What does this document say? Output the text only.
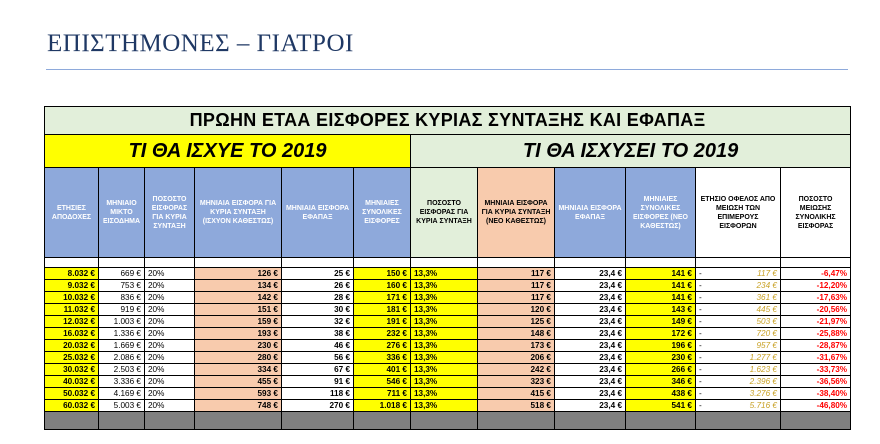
ΕΠΙΣΤΗΜΟΝΕΣ – ΓΙΑΤΡΟΙ
ΠΡΩΗΝ ΕΤΑΑ ΕΙΣΦΟΡΕΣ ΚΥΡΙΑΣ ΣΥΝΤΑΞΗΣ ΚΑΙ ΕΦΑΠΑΞ											
ΤΙ ΘΑ ΙΣΧΥΕ ΤΟ 2019						ΤΙ ΘΑ ΙΣΧΥΣΕΙ ΤΟ 2019					
ΕΤΗΣΙΕΣ ΑΠΟΔΟΧΕΣ	ΜΗΝΙΑΙΟ ΜΙΚΤΟ ΕΙΣΟΔΗΜΑ	ΠΟΣΟΣΤΟ ΕΙΣΦΟΡΑΣ ΓΙΑ ΚΥΡΙΑ ΣΥΝΤΑΞΗ	ΜΗΝΙΑΙΑ ΕΙΣΦΟΡΑ ΓΙΑ ΚΥΡΙΑ ΣΥΝΤΑΞΗ (ΙΣΧΥΟΝ ΚΑΘΕΣΤΩΣ)	ΜΗΝΙΑΙΑ ΕΙΣΦΟΡΑ ΕΦΑΠΑΞ	ΜΗΝΙΑΙΕΣ ΣΥΝΟΛΙΚΕΣ ΕΙΣΦΟΡΕΣ	ΠΟΣΟΣΤΟ ΕΙΣΦΟΡΑΣ ΓΙΑ ΚΥΡΙΑ ΣΥΝΤΑΞΗ	ΜΗΝΙΑΙΑ ΕΙΣΦΟΡΑ ΓΙΑ ΚΥΡΙΑ ΣΥΝΤΑΞΗ (ΝΕΟ ΚΑΘΕΣΤΩΣ)	ΜΗΝΙΑΙΑ ΕΙΣΦΟΡΑ ΕΦΑΠΑΞ	ΜΗΝΙΑΙΕΣ ΣΥΝΟΛΙΚΕΣ ΕΙΣΦΟΡΕΣ (ΝΕΟ ΚΑΘΕΣΤΩΣ)	ΕΤΗΣΙΟ ΟΦΕΛΟΣ ΑΠΟ ΜΕΙΩΣΗ ΤΩΝ ΕΠΙΜΕΡΟΥΣ ΕΙΣΦΟΡΩΝ	ΠΟΣΟΣΤΟ ΜΕΙΩΣΗΣ ΣΥΝΟΛΙΚΗΣ ΕΙΣΦΟΡΑΣ

8.032 €	669 €	20%	126 €	25 €	150 €	13,3%	117 €	23,4 €	141 €	- 117 €	-6,47%
9.032 €	753 €	20%	134 €	26 €	160 €	13,3%	117 €	23,4 €	141 €	- 234 €	-12,20%
10.032 €	836 €	20%	142 €	28 €	171 €	13,3%	117 €	23,4 €	141 €	- 361 €	-17,63%
11.032 €	919 €	20%	151 €	30 €	181 €	13,3%	120 €	23,4 €	143 €	- 445 €	-20,56%
12.032 €	1.003 €	20%	159 €	32 €	191 €	13,3%	125 €	23,4 €	149 €	- 503 €	-21,97%
16.032 €	1.336 €	20%	193 €	38 €	232 €	13,3%	148 €	23,4 €	172 €	- 720 €	-25,88%
20.032 €	1.669 €	20%	230 €	46 €	276 €	13,3%	173 €	23,4 €	196 €	- 957 €	-28,87%
25.032 €	2.086 €	20%	280 €	56 €	336 €	13,3%	206 €	23,4 €	230 €	- 1.277 €	-31,67%
30.032 €	2.503 €	20%	334 €	67 €	401 €	13,3%	242 €	23,4 €	266 €	- 1.623 €	-33,73%
40.032 €	3.336 €	20%	455 €	91 €	546 €	13,3%	323 €	23,4 €	346 €	- 2.396 €	-36,56%
50.032 €	4.169 €	20%	593 €	118 €	711 €	13,3%	415 €	23,4 €	438 €	- 3.276 €	-38,40%
60.032 €	5.003 €	20%	748 €	270 €	1.018 €	13,3%	518 €	23,4 €	541 €	- 5.716 €	-46,80%
